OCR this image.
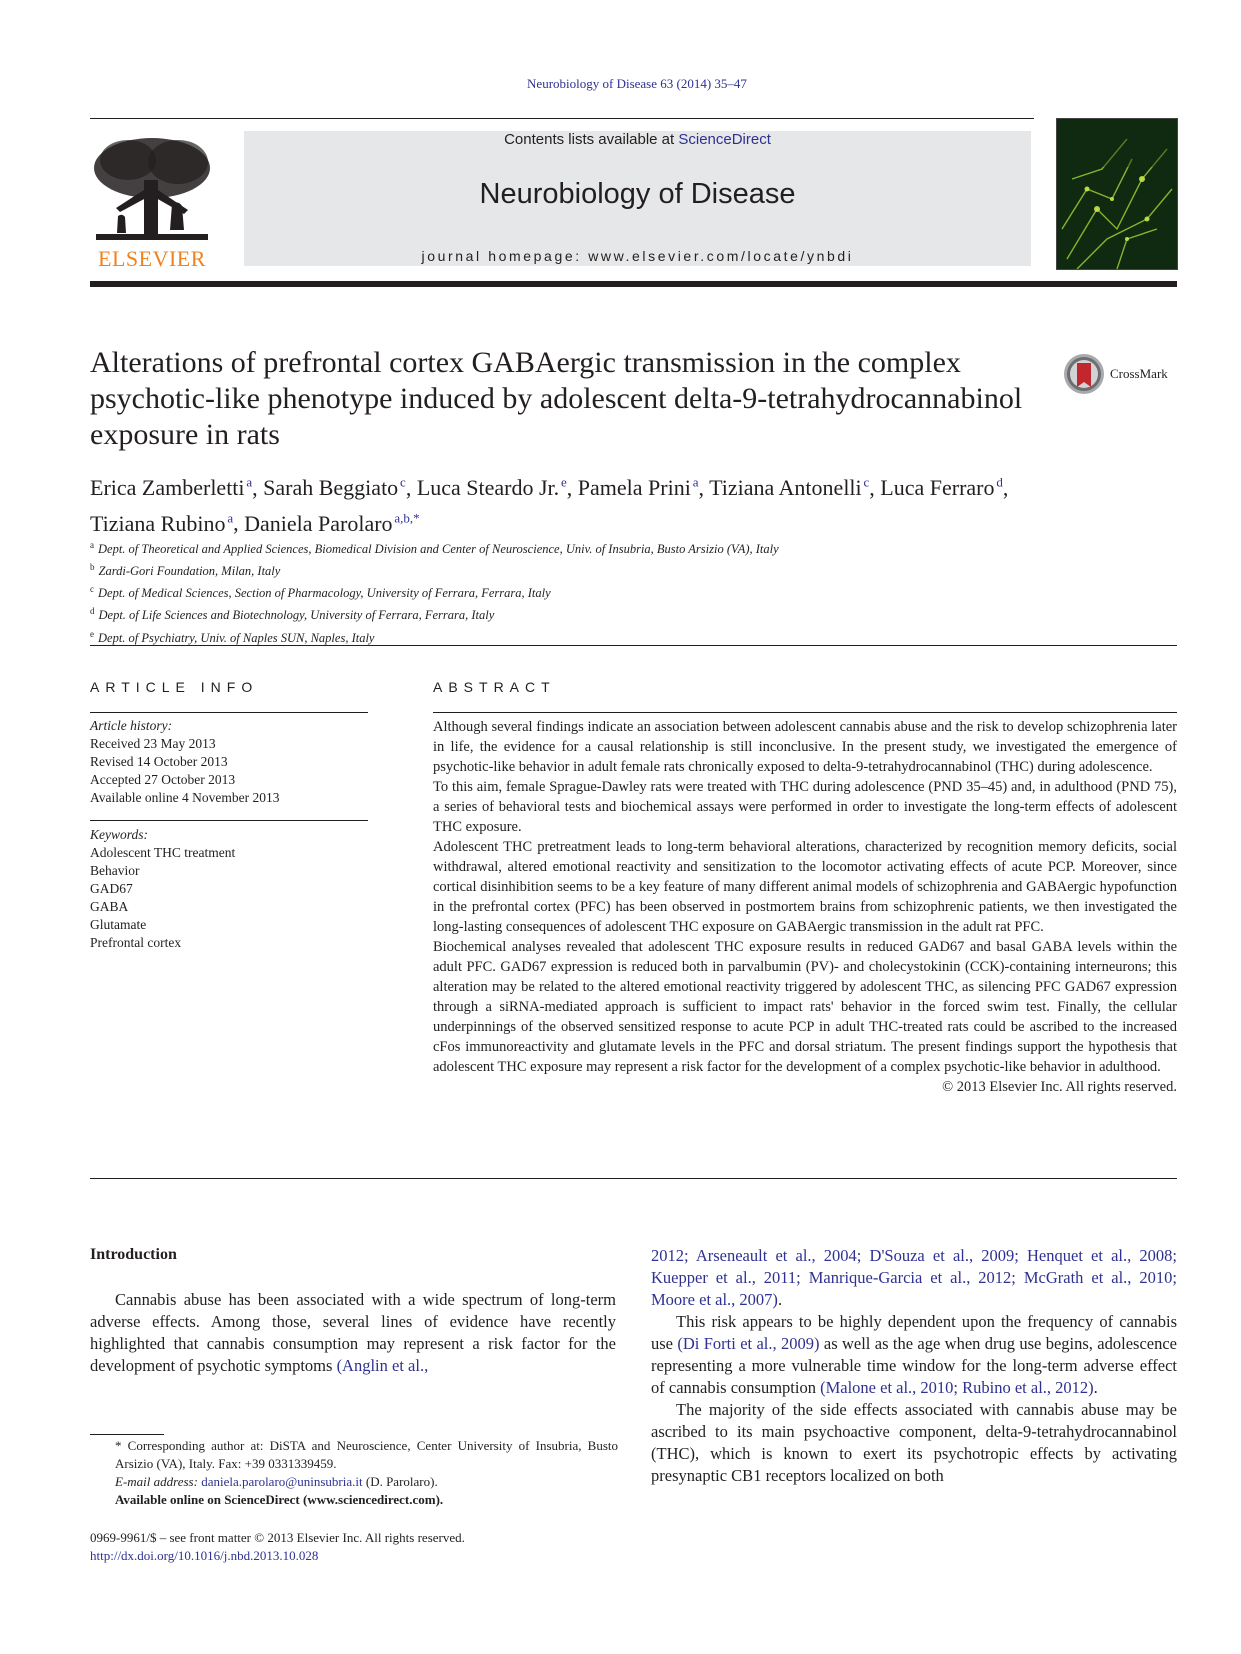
Neurobiology of Disease 63 (2014) 35–47
ELSEVIER
Contents lists available at ScienceDirect
Neurobiology of Disease
journal homepage: www.elsevier.com/locate/ynbdi
Alterations of prefrontal cortex GABAergic transmission in the complex psychotic-like phenotype induced by adolescent delta-9-tetrahydrocannabinol exposure in rats
CrossMark
Erica Zamberletti  $^a$, Sarah Beggiato  $^c$, Luca Steardo Jr.  $^e$, Pamela Prini  $^a$, Tiziana Antonelli  $^c$, Luca Ferraro  $^d$,
Tiziana Rubino  $^a$, Daniela Parolaro  $^{a,b,*}$
$^a$ Dept. of Theoretical and Applied Sciences, Biomedical Division and Center of Neuroscience, Univ. of Insubria, Busto Arsizio (VA), Italy
$^b$ Zardi-Gori Foundation, Milan, Italy
$^c$ Dept. of Medical Sciences, Section of Pharmacology, University of Ferrara, Ferrara, Italy
$^d$ Dept. of Life Sciences and Biotechnology, University of Ferrara, Ferrara, Italy
$^e$ Dept. of Psychiatry, Univ. of Naples SUN, Naples, Italy
ARTICLE INFO	ABSTRACT
Article history:
Received 23 May 2013
Revised 14 October 2013
Accepted 27 October 2013
Available online 4 November 2013
Keywords:
Adolescent THC treatment
Behavior
GAD67
GABA
Glutamate
Prefrontal cortex

Although several findings indicate an association between adolescent cannabis abuse and the risk to develop schizophrenia later in life, the evidence for a causal relationship is still inconclusive. In the present study, we investigated the emergence of psychotic-like behavior in adult female rats chronically exposed to delta-9-tetrahydrocannabinol (THC) during adolescence.

To this aim, female Sprague-Dawley rats were treated with THC during adolescence (PND 35–45) and, in adulthood (PND 75), a series of behavioral tests and biochemical assays were performed in order to investigate the long-term effects of adolescent THC exposure.

Adolescent THC pretreatment leads to long-term behavioral alterations, characterized by recognition memory deficits, social withdrawal, altered emotional reactivity and sensitization to the locomotor activating effects of acute PCP. Moreover, since cortical disinhibition seems to be a key feature of many different animal models of schizophrenia and GABAergic hypofunction in the prefrontal cortex (PFC) has been observed in postmortem brains from schizophrenic patients, we then investigated the long-lasting consequences of adolescent THC exposure on GABAergic transmission in the adult rat PFC.

Biochemical analyses revealed that adolescent THC exposure results in reduced GAD67 and basal GABA levels within the adult PFC. GAD67 expression is reduced both in parvalbumin (PV)- and cholecystokinin (CCK)-containing interneurons; this alteration may be related to the altered emotional reactivity triggered by adolescent THC, as silencing PFC GAD67 expression through a siRNA-mediated approach is sufficient to impact rats' behavior in the forced swim test. Finally, the cellular underpinnings of the observed sensitized response to acute PCP in adult THC-treated rats could be ascribed to the increased cFos immunoreactivity and glutamate levels in the PFC and dorsal striatum. The present findings support the hypothesis that adolescent THC exposure may represent a risk factor for the development of a complex psychotic-like behavior in adulthood.

© 2013 Elsevier Inc. All rights reserved.

Introduction

Cannabis abuse has been associated with a wide spectrum of long-term adverse effects. Among those, several lines of evidence have recently highlighted that cannabis consumption may represent a risk factor for the development of psychotic symptoms (Anglin et al.,

2012; Arseneault et al., 2004; D'Souza et al., 2009; Henquet et al., 2008; Kuepper et al., 2011; Manrique-Garcia et al., 2012; McGrath et al., 2010; Moore et al., 2007).

This risk appears to be highly dependent upon the frequency of cannabis use (Di Forti et al., 2009) as well as the age when drug use begins, adolescence representing a more vulnerable time window for the long-term adverse effect of cannabis consumption (Malone et al., 2010; Rubino et al., 2012).

The majority of the side effects associated with cannabis abuse may be ascribed to its main psychoactive component, delta-9-tetrahydrocannabinol (THC), which is known to exert its psychotropic effects by activating presynaptic CB1 receptors localized on both

* Corresponding author at: DiSTA and Neuroscience, Center University of Insubria, Busto Arsizio (VA), Italy. Fax: +39 0331339459.

E-mail address: daniela.parolaro@uninsubria.it (D. Parolaro).

Available online on ScienceDirect (www.sciencedirect.com).

0969-9961/$ – see front matter © 2013 Elsevier Inc. All rights reserved.
http://dx.doi.org/10.1016/j.nbd.2013.10.028
